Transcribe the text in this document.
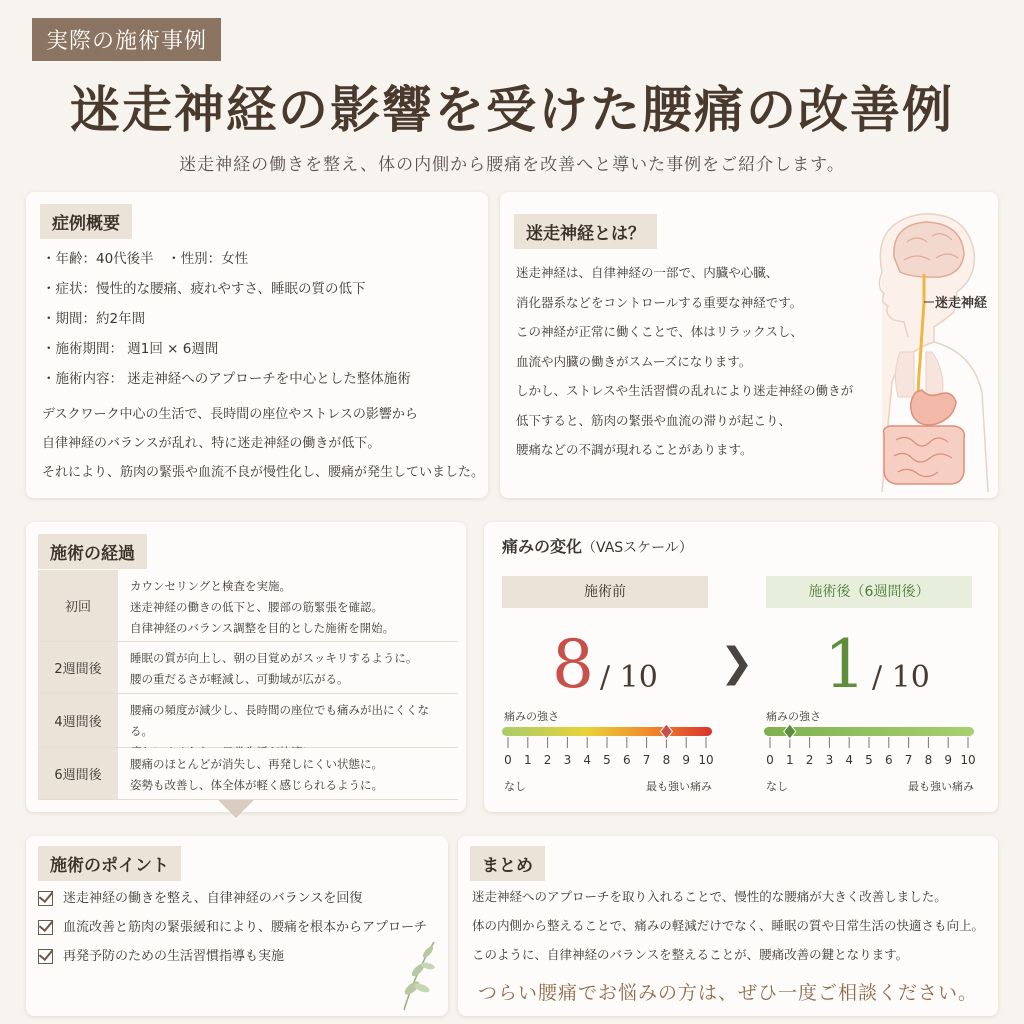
実際の施術事例
迷走神経の影響を受けた腰痛の改善例
迷走神経の働きを整え、体の内側から腰痛を改善へと導いた事例をご紹介します。
症例概要
・年齢：40代後半　・性別：女性
・症状：慢性的な腰痛、疲れやすさ、睡眠の質の低下
・期間：約2年間
・施術期間： 週1回 × 6週間
・施術内容： 迷走神経へのアプローチを中心とした整体施術

デスクワーク中心の生活で、長時間の座位やストレスの影響から

自律神経のバランスが乱れ、特に迷走神経の働きが低下。

それにより、筋肉の緊張や血流不良が慢性化し、腰痛が発生していました。

迷走神経とは？

迷走神経は、自律神経の一部で、内臓や心臓、

消化器系などをコントロールする重要な神経です。

この神経が正常に働くことで、体はリラックスし、

血流や内臓の働きがスムーズになります。

しかし、ストレスや生活習慣の乱れにより迷走神経の働きが

低下すると、筋肉の緊張や血流の滞りが起こり、

腰痛などの不調が現れることがあります。

迷走神経
施術の経過
初回
カウンセリングと検査を実施。
迷走神経の働きの低下と、腰部の筋緊張を確認。
自律神経のバランス調整を目的とした施術を開始。
2週間後
睡眠の質が向上し、朝の目覚めがスッキリするように。
腰の重だるさが軽減し、可動域が広がる。
4週間後
腰痛の頻度が減少し、長時間の座位でも痛みが出にくくなる。
6週間後
腰痛のほとんどが消失し、再発しにくい状態に。
姿勢も改善し、体全体が軽く感じられるように。
痛みの変化（VASスケール）
施術前	施術後（6週間後）
8 / 10 ❯ 1 / 10
痛みの強さ	痛みの強さ
0 1 2 3 4 5 6 7 8 9 10	0 1 2 3 4 5 6 7 8 9 10
なし	最も強い痛み	なし	最も強い痛み
施術のポイント
迷走神経の働きを整え、自律神経のバランスを回復
血流改善と筋肉の緊張緩和により、腰痛を根本からアプローチ
再発予防のための生活習慣指導も実施
まとめ

迷走神経へのアプローチを取り入れることで、慢性的な腰痛が大きく改善しました。

体の内側から整えることで、痛みの軽減だけでなく、睡眠の質や日常生活の快適さも向上。

このように、自律神経のバランスを整えることが、腰痛改善の鍵となります。

つらい腰痛でお悩みの方は、ぜひ一度ご相談ください。
